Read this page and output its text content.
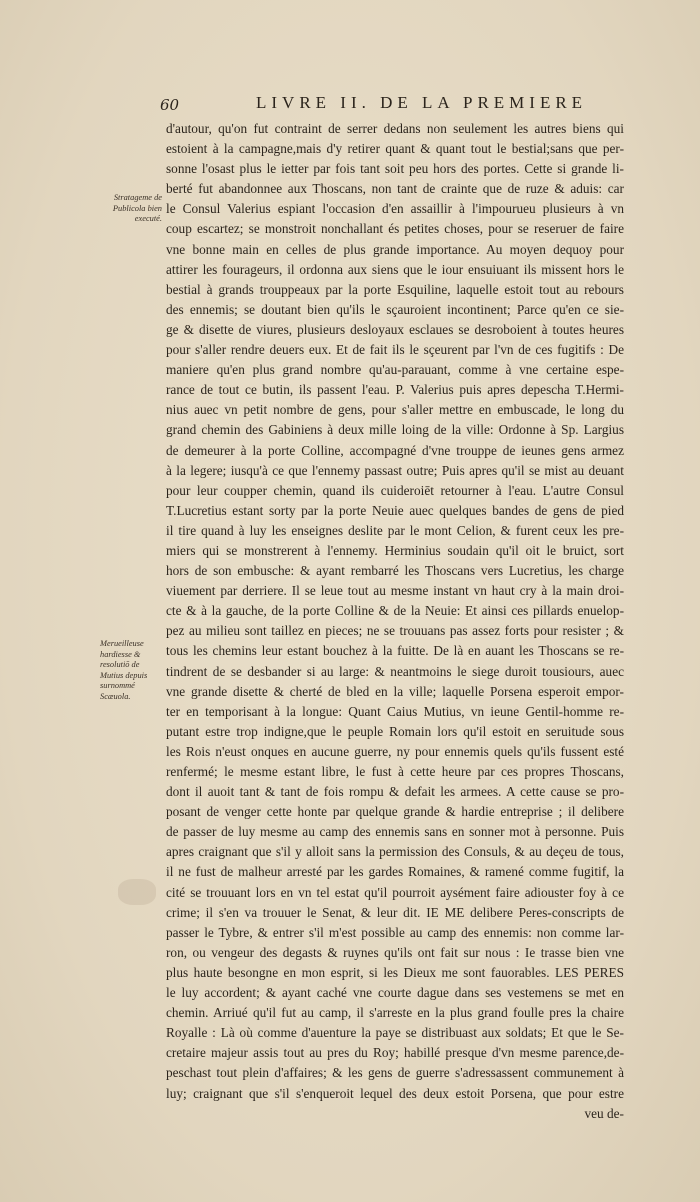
60	LIVRE II. DE LA PREMIERE
Stratageme de Publicola bien executé.
Merueilleuse hardiesse & resolutiō de Mutius depuis surnommé Scæuola.
d'autour, qu'on fut contraint de serrer dedans non seulement les autres biens qui
estoient à la campagne,mais d'y retirer quant & quant tout le bestial;sans que per-
sonne l'osast plus le ietter par fois tant soit peu hors des portes. Cette si grande li-
berté fut abandonnee aux Thoscans, non tant de crainte que de ruze & aduis: car
le Consul Valerius espiant l'occasion d'en assaillir à l'impourueu plusieurs à vn
coup escartez; se monstroit nonchallant és petites choses, pour se reseruer de faire
vne bonne main en celles de plus grande importance. Au moyen dequoy pour
attirer les fourageurs, il ordonna aux siens que le iour ensuiuant ils missent hors le
bestial à grands trouppeaux par la porte Esquiline, laquelle estoit tout au rebours
des ennemis; se doutant bien qu'ils le sçauroient incontinent; Parce qu'en ce sie-
ge & disette de viures, plusieurs desloyaux esclaues se desroboient à toutes heures
pour s'aller rendre deuers eux. Et de fait ils le sçeurent par l'vn de ces fugitifs : De
maniere qu'en plus grand nombre qu'au-parauant, comme à vne certaine espe-
rance de tout ce butin, ils passent l'eau. P. Valerius puis apres depescha T.Hermi-
nius auec vn petit nombre de gens, pour s'aller mettre en embuscade, le long du
grand chemin des Gabiniens à deux mille loing de la ville: Ordonne à Sp. Largius
de demeurer à la porte Colline, accompagné d'vne trouppe de ieunes gens armez
à la legere; iusqu'à ce que l'ennemy passast outre; Puis apres qu'il se mist au deuant
pour leur coupper chemin, quand ils cuideroiēt retourner à l'eau. L'autre Consul
T.Lucretius estant sorty par la porte Neuie auec quelques bandes de gens de pied
il tire quand à luy les enseignes deslite par le mont Celion, & furent ceux les pre-
miers qui se monstrerent à l'ennemy. Herminius soudain qu'il oit le bruict, sort
hors de son embusche: & ayant rembarré les Thoscans vers Lucretius, les charge
viuement par derriere. Il se leue tout au mesme instant vn haut cry à la main droi-
cte & à la gauche, de la porte Colline & de la Neuie: Et ainsi ces pillards enuelop-
pez au milieu sont taillez en pieces; ne se trouuans pas assez forts pour resister ; &
tous les chemins leur estant bouchez à la fuitte. De là en auant les Thoscans se re-
tindrent de se desbander si au large: & neantmoins le siege duroit tousiours, auec
vne grande disette & cherté de bled en la ville; laquelle Porsena esperoit empor-
ter en temporisant à la longue: Quant Caius Mutius, vn ieune Gentil-homme re-
putant estre trop indigne,que le peuple Romain lors qu'il estoit en seruitude sous
les Rois n'eust onques en aucune guerre, ny pour ennemis quels qu'ils fussent esté
renfermé; le mesme estant libre, le fust à cette heure par ces propres Thoscans,
dont il auoit tant & tant de fois rompu & defait les armees. A cette cause se pro-
posant de venger cette honte par quelque grande & hardie entreprise ; il delibere
de passer de luy mesme au camp des ennemis sans en sonner mot à personne. Puis
apres craignant que s'il y alloit sans la permission des Consuls, & au deçeu de tous,
il ne fust de malheur arresté par les gardes Romaines, & ramené comme fugitif, la
cité se trouuant lors en vn tel estat qu'il pourroit aysément faire adiouster foy à ce
crime; il s'en va trouuer le Senat, & leur dit. IE ME delibere Peres-conscripts de
passer le Tybre, & entrer s'il m'est possible au camp des ennemis: non comme lar-
ron, ou vengeur des degasts & ruynes qu'ils ont fait sur nous : Ie trasse bien vne
plus haute besongne en mon esprit, si les Dieux me sont fauorables. LES PERES
le luy accordent; & ayant caché vne courte dague dans ses vestemens se met en
chemin. Arriué qu'il fut au camp, il s'arreste en la plus grand foulle pres la chaire
Royalle : Là où comme d'auenture la paye se distribuast aux soldats; Et que le Se-
cretaire majeur assis tout au pres du Roy; habillé presque d'vn mesme parence,de-
peschast tout plein d'affaires; & les gens de guerre s'adressassent communement à
luy; craignant que s'il s'enqueroit lequel des deux estoit Porsena, que pour estre
veu de-
